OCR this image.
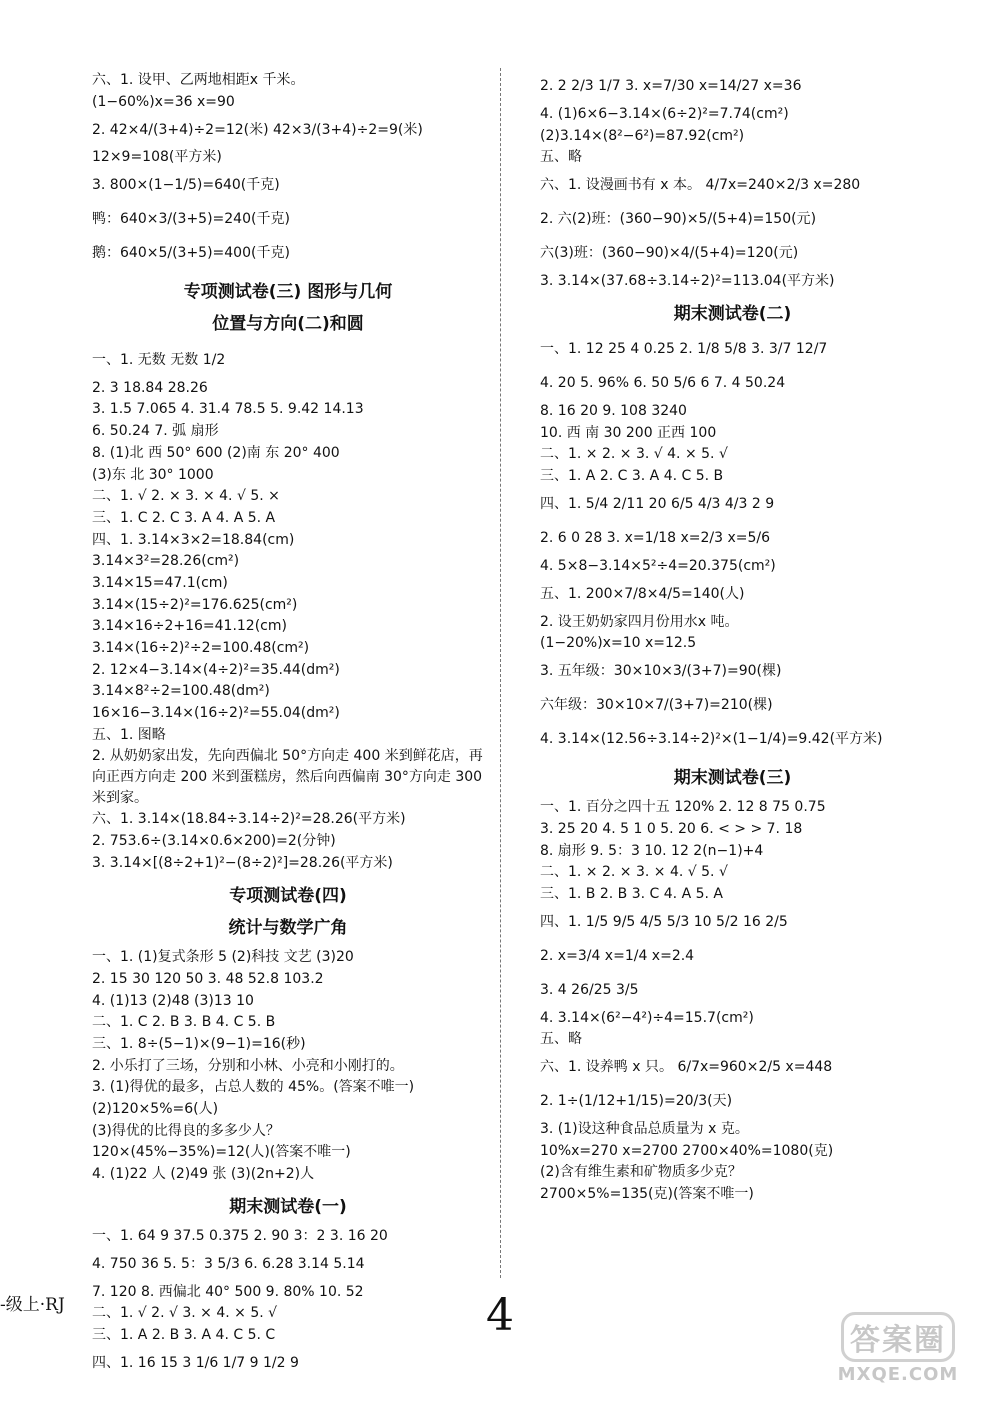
六、1. 设甲、乙两地相距x 千米。
(1−60%)x=36 x=90
2. 42×4/(3+4)÷2=12(米) 42×3/(3+4)÷2=9(米)
12×9=108(平方米)
3. 800×(1−1/5)=640(千克)
鸭：640×3/(3+5)=240(千克)
鹅：640×5/(3+5)=400(千克)
专项测试卷(三) 图形与几何
位置与方向(二)和圆
一、1. 无数 无数 1/2
2. 3 18.84 28.26
3. 1.5 7.065 4. 31.4 78.5 5. 9.42 14.13
6. 50.24 7. 弧 扇形
8. (1)北 西 50° 600 (2)南 东 20° 400
(3)东 北 30° 1000
二、1. √ 2. × 3. × 4. √ 5. ×
三、1. C 2. C 3. A 4. A 5. A
四、1. 3.14×3×2=18.84(cm)
3.14×3²=28.26(cm²)
3.14×15=47.1(cm)
3.14×(15÷2)²=176.625(cm²)
3.14×16÷2+16=41.12(cm)
3.14×(16÷2)²÷2=100.48(cm²)
2. 12×4−3.14×(4÷2)²=35.44(dm²)
3.14×8²÷2=100.48(dm²)
16×16−3.14×(16÷2)²=55.04(dm²)
五、1. 图略
2. 从奶奶家出发，先向西偏北 50°方向走 400 米到鲜花店，再向正西方向走 200 米到蛋糕房，然后向西偏南 30°方向走 300 米到家。
六、1. 3.14×(18.84÷3.14÷2)²=28.26(平方米)
2. 753.6÷(3.14×0.6×200)=2(分钟)
3. 3.14×[(8÷2+1)²−(8÷2)²]=28.26(平方米)
专项测试卷(四)
统计与数学广角
一、1. (1)复式条形 5 (2)科技 文艺 (3)20
2. 15 30 120 50 3. 48 52.8 103.2
4. (1)13 (2)48 (3)13 10
二、1. C 2. B 3. B 4. C 5. B
三、1. 8÷(5−1)×(9−1)=16(秒)
2. 小乐打了三场，分别和小林、小亮和小刚打的。
3. (1)得优的最多，占总人数的 45%。(答案不唯一)
(2)120×5%=6(人)
(3)得优的比得良的多多少人？
120×(45%−35%)=12(人)(答案不唯一)
4. (1)22 人 (2)49 张 (3)(2n+2)人
期末测试卷(一)
一、1. 64 9 37.5 0.375 2. 90 3：2 3. 16 20
4. 750 36 5. 5：3 5/3 6. 6.28 3.14 5.14
7. 120 8. 西偏北 40° 500 9. 80% 10. 52
二、1. √ 2. √ 3. × 4. × 5. √
三、1. A 2. B 3. A 4. C 5. C
四、1. 16 15 3 1/6 1/7 9 1/2 9
2. 2 2/3 1/7 3. x=7/30 x=14/27 x=36
4. (1)6×6−3.14×(6÷2)²=7.74(cm²)
(2)3.14×(8²−6²)=87.92(cm²)
五、略
六、1. 设漫画书有 x 本。 4/7x=240×2/3 x=280
2. 六(2)班：(360−90)×5/(5+4)=150(元)
六(3)班：(360−90)×4/(5+4)=120(元)
3. 3.14×(37.68÷3.14÷2)²=113.04(平方米)
期末测试卷(二)
一、1. 12 25 4 0.25 2. 1/8 5/8 3. 3/7 12/7
4. 20 5. 96% 6. 50 5/6 6 7. 4 50.24
8. 16 20 9. 108 3240
10. 西 南 30 200 正西 100
二、1. × 2. × 3. √ 4. × 5. √
三、1. A 2. C 3. A 4. C 5. B
四、1. 5/4 2/11 20 6/5 4/3 4/3 2 9
2. 6 0 28 3. x=1/18 x=2/3 x=5/6
4. 5×8−3.14×5²÷4=20.375(cm²)
五、1. 200×7/8×4/5=140(人)
2. 设王奶奶家四月份用水x 吨。
(1−20%)x=10 x=12.5
3. 五年级：30×10×3/(3+7)=90(棵)
六年级：30×10×7/(3+7)=210(棵)
4. 3.14×(12.56÷3.14÷2)²×(1−1/4)=9.42(平方米)
期末测试卷(三)
一、1. 百分之四十五 120% 2. 12 8 75 0.75
3. 25 20 4. 5 1 0 5. 20 6. < > > 7. 18
8. 扇形 9. 5：3 10. 12 2(n−1)+4
二、1. × 2. × 3. × 4. √ 5. √
三、1. B 2. B 3. C 4. A 5. A
四、1. 1/5 9/5 4/5 5/3 10 5/2 16 2/5
2. x=3/4 x=1/4 x=2.4
3. 4 26/25 3/5
4. 3.14×(6²−4²)÷4=15.7(cm²)
五、略
六、1. 设养鸭 x 只。 6/7x=960×2/5 x=448
2. 1÷(1/12+1/15)=20/3(天)
3. (1)设这种食品总质量为 x 克。
10%x=270 x=2700 2700×40%=1080(克)
(2)含有维生素和矿物质多少克？
2700×5%=135(克)(答案不唯一)
-级上·RJ	4	答案圈
MXQE.COM
